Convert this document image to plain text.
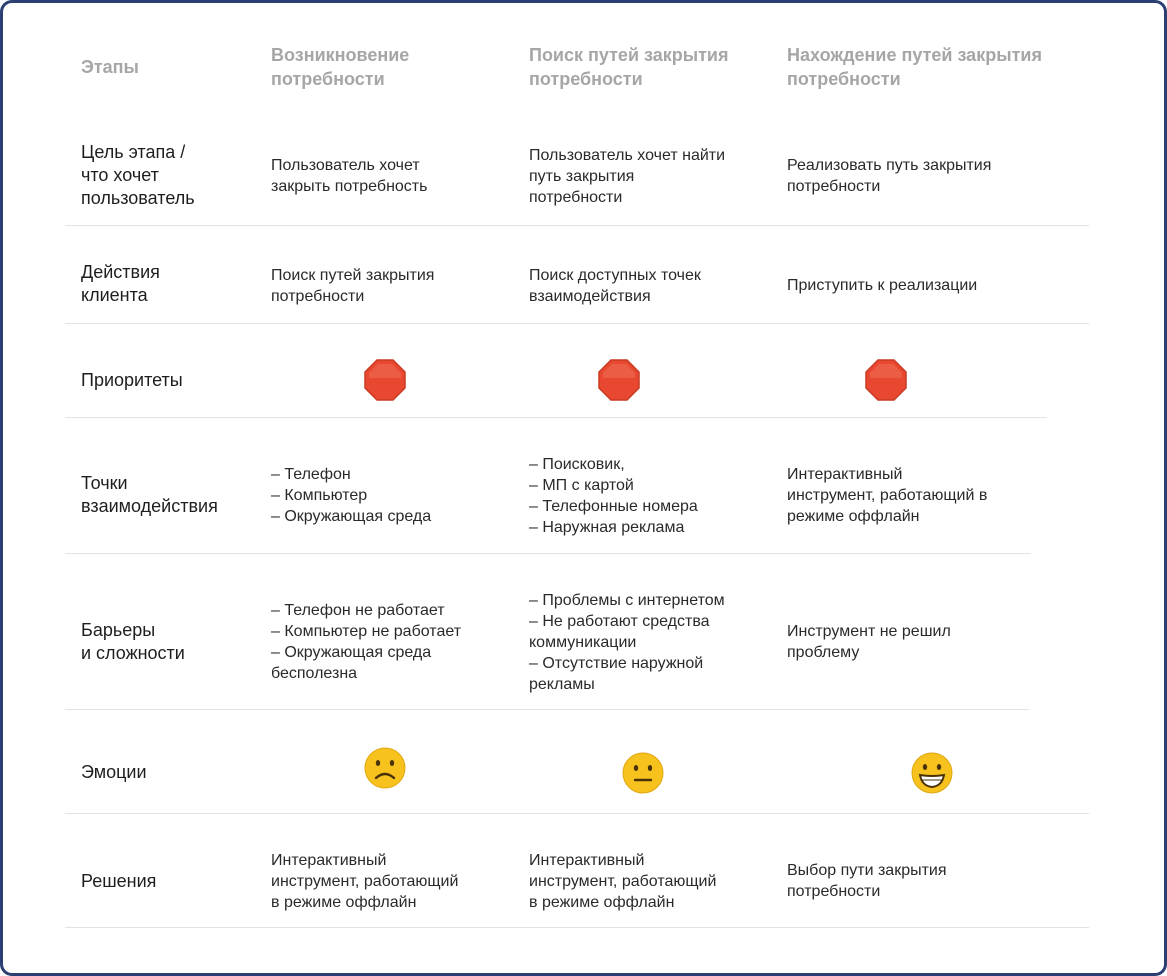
Этапы
Возникновение
потребности
Поиск путей закрытия
потребности
Нахождение путей закрытия
потребности
Цель этапа /
что хочет
пользователь
Пользователь хочет
закрыть потребность
Пользователь хочет найти
путь закрытия
потребности
Реализовать путь закрытия
потребности
Действия
клиента
Поиск путей закрытия
потребности
Поиск доступных точек
взаимодействия
Приступить к реализации
Приоритеты
Точки
взаимодействия
– Телефон
– Компьютер
– Окружающая среда
– Поисковик,
– МП с картой
– Телефонные номера
– Наружная реклама
Интерактивный
инструмент, работающий в
режиме оффлайн
Барьеры
и сложности
– Телефон не работает
– Компьютер не работает
– Окружающая среда
бесполезна
– Проблемы с интернетом
– Не работают средства
коммуникации
– Отсутствие наружной
рекламы
Инструмент не решил
проблему
Эмоции
Решения
Интерактивный
инструмент, работающий
в режиме оффлайн
Интерактивный
инструмент, работающий
в режиме оффлайн
Выбор пути закрытия
потребности
